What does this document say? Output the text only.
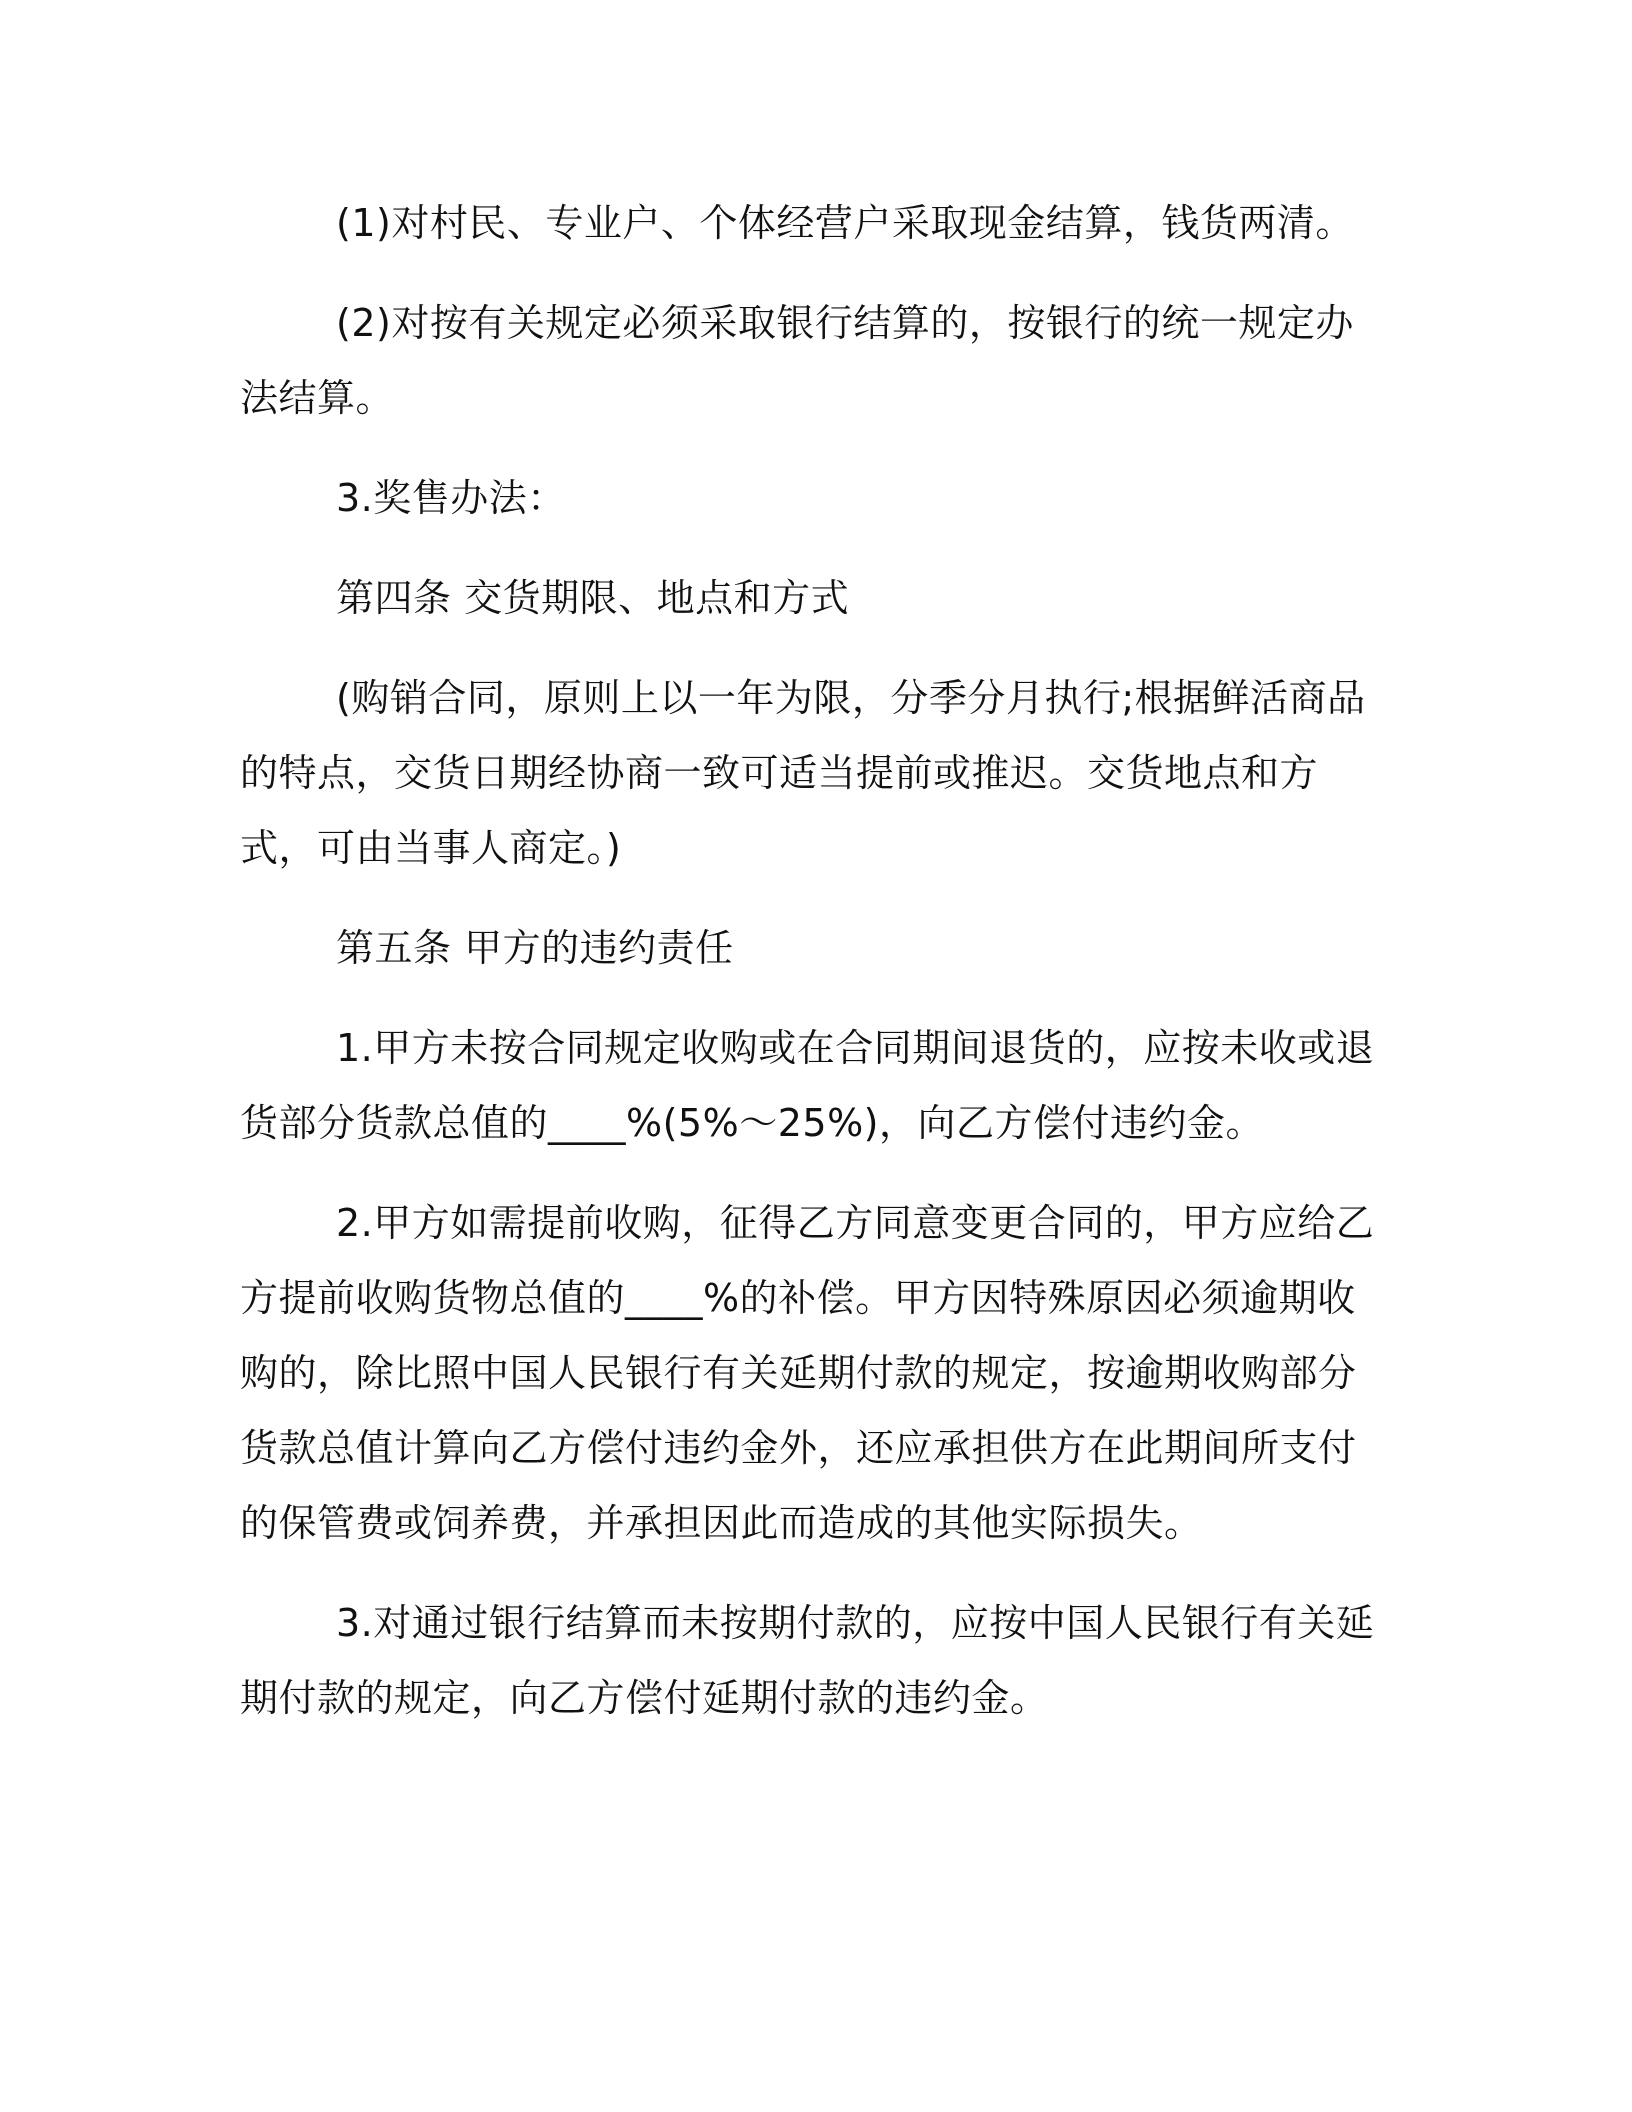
(1)对村民、专业户、个体经营户采取现金结算，钱货两清。

(2)对按有关规定必须采取银行结算的，按银行的统一规定办法结算。

3.奖售办法：

第四条 交货期限、地点和方式

(购销合同，原则上以一年为限，分季分月执行;根据鲜活商品的特点，交货日期经协商一致可适当提前或推迟。交货地点和方式，可由当事人商定。)

第五条 甲方的违约责任

1.甲方未按合同规定收购或在合同期间退货的，应按未收或退货部分货款总值的____%(5%～25%)，向乙方偿付违约金。

2.甲方如需提前收购，征得乙方同意变更合同的，甲方应给乙方提前收购货物总值的____%的补偿。甲方因特殊原因必须逾期收购的，除比照中国人民银行有关延期付款的规定，按逾期收购部分货款总值计算向乙方偿付违约金外，还应承担供方在此期间所支付的保管费或饲养费，并承担因此而造成的其他实际损失。

3.对通过银行结算而未按期付款的，应按中国人民银行有关延期付款的规定，向乙方偿付延期付款的违约金。
